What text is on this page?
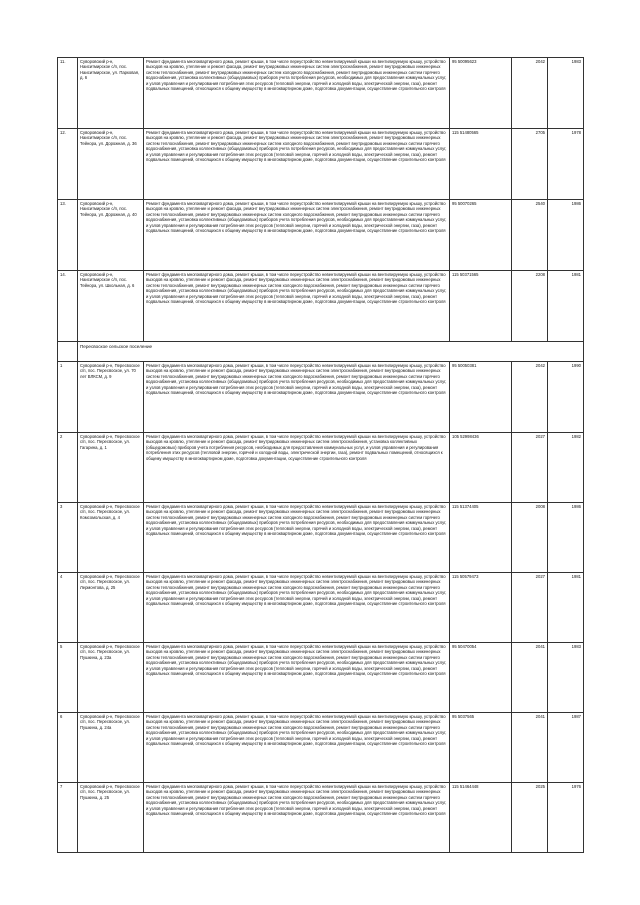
11.	Суворовский р-н, Наиситмирское с/п, пос. Наиситмирское, ул. Парковая, д. 6	Ремонт фундамента многоквартирного дома, ремонт крыши, в том числе переустройство невентилируемой крыши на вентилируемую крышу, устройство выходов на кровлю, утепление и ремонт фасада, ремонт внутридомовых инженерных систем электроснабжения, ремонт внутридомовых инженерных систем теплоснабжения, ремонт внутридомовых инженерных систем холодного водоснабжения, ремонт внутридомовых инженерных систем горячего водоснабжения, установка коллективных (общедомовых) приборов учета потребления ресурсов, необходимых для предоставления коммунальных услуг, и узлов управления и регулирования потребления этих ресурсов (тепловой энергии, горячей и холодной воды, электрической энергии, газа), ремонт подвальных помещений, относящихся к общему имуществу в многоквартирном доме, подготовка документации, осуществление строительного контроля	95 50095623	2042	1983
12.	Суворовский р-н, Наиситмирское с/п, пос. Тейнора, ул. Дорожная, д. 36	Ремонт фундамента многоквартирного дома, ремонт крыши, в том числе переустройство невентилируемой крыши на вентилируемую крышу, устройство выходов на кровлю, утепление и ремонт фасада, ремонт внутридомовых инженерных систем электроснабжения, ремонт внутридомовых инженерных систем теплоснабжения, ремонт внутридомовых инженерных систем холодного водоснабжения, ремонт внутридомовых инженерных систем горячего водоснабжения, установка коллективных (общедомовых) приборов учета потребления ресурсов, необходимых для предоставления коммунальных услуг, и узлов управления и регулирования потребления этих ресурсов (тепловой энергии, горячей и холодной воды, электрической энергии, газа), ремонт подвальных помещений, относящихся к общему имуществу в многоквартирном доме, подготовка документации, осуществление строительного контроля	115 51480565	2705	1978
13.	Суворовский р-н, Наиситмирское с/п, пос. Тейнора, ул. Дорожная, д. 40	Ремонт фундамента многоквартирного дома, ремонт крыши, в том числе переустройство невентилируемой крыши на вентилируемую крышу, устройство выходов на кровлю, утепление и ремонт фасада, ремонт внутридомовых инженерных систем электроснабжения, ремонт внутридомовых инженерных систем теплоснабжения, ремонт внутридомовых инженерных систем холодного водоснабжения, ремонт внутридомовых инженерных систем горячего водоснабжения, установка коллективных (общедомовых) приборов учета потребления ресурсов, необходимых для предоставления коммунальных услуг, и узлов управления и регулирования потребления этих ресурсов (тепловой энергии, горячей и холодной воды, электрической энергии, газа), ремонт подвальных помещений, относящихся к общему имуществу в многоквартирном доме, подготовка документации, осуществление строительного контроля	95 50070265	2540	1986
14.	Суворовский р-н, Наиситмирское с/п, пос. Тейнора, ул. Школьная, д. 6	Ремонт фундамента многоквартирного дома, ремонт крыши, в том числе переустройство невентилируемой крыши на вентилируемую крышу, устройство выходов на кровлю, утепление и ремонт фасада, ремонт внутридомовых инженерных систем электроснабжения, ремонт внутридомовых инженерных систем теплоснабжения, ремонт внутридомовых инженерных систем холодного водоснабжения, ремонт внутридомовых инженерных систем горячего водоснабжения, установка коллективных (общедомовых) приборов учета потребления ресурсов, необходимых для предоставления коммунальных услуг, и узлов управления и регулирования потребления этих ресурсов (тепловой энергии, горячей и холодной воды, электрической энергии, газа), ремонт подвальных помещений, относящихся к общему имуществу в многоквартирном доме, подготовка документации, осуществление строительного контроля	115 50371565	2208	1981
	Пересвоское сельское поселение				
1	Суворовский р-н, Пересвоское с/п, пос. Пересвоское, ул. 70 лет ВЛКСМ, д. 9	Ремонт фундамента многоквартирного дома, ремонт крыши, в том числе переустройство невентилируемой крыши на вентилируемую крышу, устройство выходов на кровлю, утепление и ремонт фасада, ремонт внутридомовых инженерных систем электроснабжения, ремонт внутридомовых инженерных систем теплоснабжения, ремонт внутридомовых инженерных систем холодного водоснабжения, ремонт внутридомовых инженерных систем горячего водоснабжения, установка коллективных (общедомовых) приборов учета потребления ресурсов, необходимых для предоставления коммунальных услуг, и узлов управления и регулирования потребления этих ресурсов (тепловой энергии, горячей и холодной воды, электрической энергии, газа), ремонт подвальных помещений, относящихся к общему имуществу в многоквартирном доме, подготовка документации, осуществление строительного контроля	95 50050381	2042	1990
2	Суворовский р-н, Пересвоское с/п, пос. Пересвоское, ул. Гагарина, д. 1	Ремонт фундамента многоквартирного дома, ремонт крыши, в том числе переустройство невентилируемой крыши на вентилируемую крышу, устройство выходов на кровлю, утепление и ремонт фасада, ремонт внутридомовых инженерных систем электроснабжения, установка коллективных (общедомовых) приборов учета потребления ресурсов, необходимых для предоставления коммунальных услуг, и узлов управления и регулирования потребления этих ресурсов (тепловой энергии, горячей и холодной воды, электрической энергии, газа), ремонт подвальных помещений, относящихся к общему имуществу в многоквартирном доме, подготовка документации, осуществление строительного контроля	105 52998436	2027	1982
3	Суворовский р-н, Пересвоское с/п, пос. Пересвоское, ул. Комсомольская, д. 4	Ремонт фундамента многоквартирного дома, ремонт крыши, в том числе переустройство невентилируемой крыши на вентилируемую крышу, устройство выходов на кровлю, утепление и ремонт фасада, ремонт внутридомовых инженерных систем электроснабжения, ремонт внутридомовых инженерных систем теплоснабжения, ремонт внутридомовых инженерных систем холодного водоснабжения, ремонт внутридомовых инженерных систем горячего водоснабжения, установка коллективных (общедомовых) приборов учета потребления ресурсов, необходимых для предоставления коммунальных услуг, и узлов управления и регулирования потребления этих ресурсов (тепловой энергии, горячей и холодной воды, электрической энергии, газа), ремонт подвальных помещений, относящихся к общему имуществу в многоквартирном доме, подготовка документации, осуществление строительного контроля	115 51374405	2008	1986
4	Суворовский р-н, Пересвоское с/п, пос. Пересвоское, ул. Лермонтова, д. 25	Ремонт фундамента многоквартирного дома, ремонт крыши, в том числе переустройство невентилируемой крыши на вентилируемую крышу, устройство выходов на кровлю, утепление и ремонт фасада, ремонт внутридомовых инженерных систем электроснабжения, ремонт внутридомовых инженерных систем теплоснабжения, ремонт внутридомовых инженерных систем холодного водоснабжения, ремонт внутридомовых инженерных систем горячего водоснабжения, установка коллективных (общедомовых) приборов учета потребления ресурсов, необходимых для предоставления коммунальных услуг, и узлов управления и регулирования потребления этих ресурсов (тепловой энергии, горячей и холодной воды, электрической энергии, газа), ремонт подвальных помещений, относящихся к общему имуществу в многоквартирном доме, подготовка документации, осуществление строительного контроля	115 50579473	2027	1981
5	Суворовский р-н, Пересвоское с/п, пос. Пересвоское, ул. Пушкина, д. 23а	Ремонт фундамента многоквартирного дома, ремонт крыши, в том числе переустройство невентилируемой крыши на вентилируемую крышу, устройство выходов на кровлю, утепление и ремонт фасада, ремонт внутридомовых инженерных систем электроснабжения, ремонт внутридомовых инженерных систем теплоснабжения, ремонт внутридомовых инженерных систем холодного водоснабжения, ремонт внутридомовых инженерных систем горячего водоснабжения, установка коллективных (общедомовых) приборов учета потребления ресурсов, необходимых для предоставления коммунальных услуг, и узлов управления и регулирования потребления этих ресурсов (тепловой энергии, горячей и холодной воды, электрической энергии, газа), ремонт подвальных помещений, относящихся к общему имуществу в многоквартирном доме, подготовка документации, осуществление строительного контроля	95 50470054	2041	1983
6	Суворовский р-н, Пересвоское с/п, пос. Пересвоское, ул. Пушкина, д. 24а	Ремонт фундамента многоквартирного дома, ремонт крыши, в том числе переустройство невентилируемой крыши на вентилируемую крышу, устройство выходов на кровлю, утепление и ремонт фасада, ремонт внутридомовых инженерных систем электроснабжения, ремонт внутридомовых инженерных систем теплоснабжения, ремонт внутридомовых инженерных систем холодного водоснабжения, ремонт внутридомовых инженерных систем горячего водоснабжения, установка коллективных (общедомовых) приборов учета потребления ресурсов, необходимых для предоставления коммунальных услуг, и узлов управления и регулирования потребления этих ресурсов (тепловой энергии, горячей и холодной воды, электрической энергии, газа), ремонт подвальных помещений, относящихся к общему имуществу в многоквартирном доме, подготовка документации, осуществление строительного контроля	95 5037565	2041	1987
7	Суворовский р-н, Пересвоское с/п, пос. Пересвоское, ул. Пушкина, д. 25	Ремонт фундамента многоквартирного дома, ремонт крыши, в том числе переустройство невентилируемой крыши на вентилируемую крышу, устройство выходов на кровлю, утепление и ремонт фасада, ремонт внутридомовых инженерных систем электроснабжения, ремонт внутридомовых инженерных систем теплоснабжения, ремонт внутридомовых инженерных систем холодного водоснабжения, ремонт внутридомовых инженерных систем горячего водоснабжения, установка коллективных (общедомовых) приборов учета потребления ресурсов, необходимых для предоставления коммунальных услуг, и узлов управления и регулирования потребления этих ресурсов (тепловой энергии, горячей и холодной воды, электрической энергии, газа), ремонт подвальных помещений, относящихся к общему имуществу в многоквартирном доме, подготовка документации, осуществление строительного контроля	115 51464448	2025	1976
